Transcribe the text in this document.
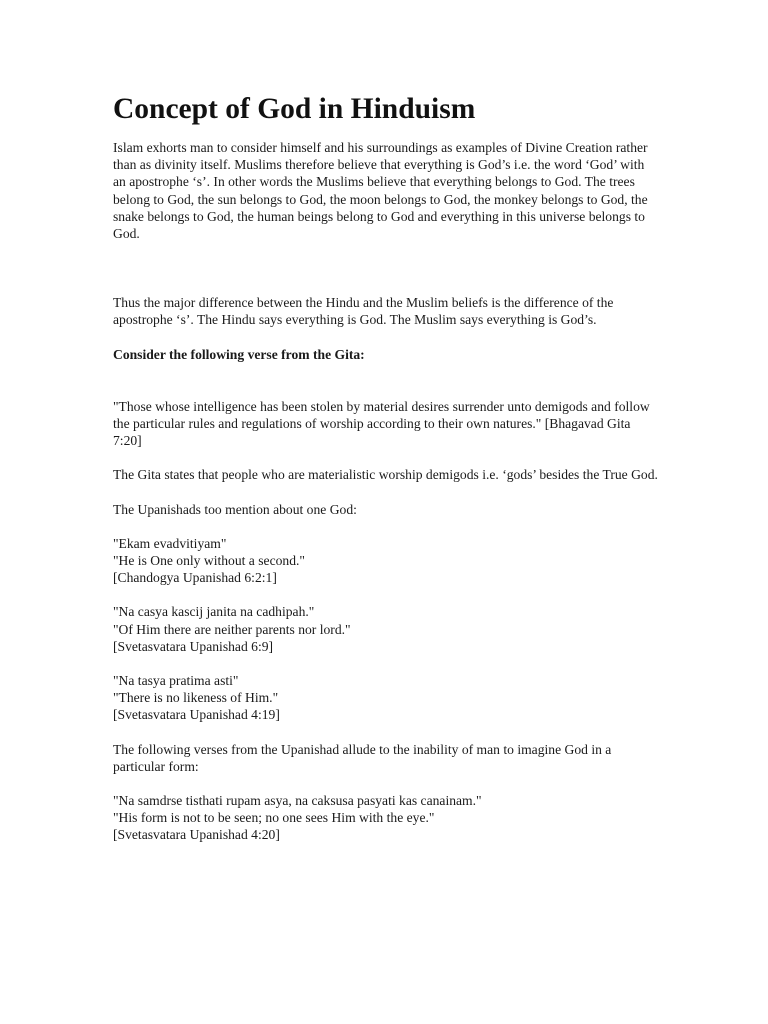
Concept of God in Hinduism

Islam exhorts man to consider himself and his surroundings as examples of Divine Creation rather than as divinity itself. Muslims therefore believe that everything is God’s i.e. the word ‘God’ with an apostrophe ‘s’. In other words the Muslims believe that everything belongs to God. The trees belong to God, the sun belongs to God, the moon belongs to God, the monkey belongs to God, the snake belongs to God, the human beings belong to God and everything in this universe belongs to God.

Thus the major difference between the Hindu and the Muslim beliefs is the difference of the apostrophe ‘s’. The Hindu says everything is God. The Muslim says everything is God’s.

Consider the following verse from the Gita:

"Those whose intelligence has been stolen by material desires surrender unto demigods and follow the particular rules and regulations of worship according to their own natures." [Bhagavad Gita 7:20]

The Gita states that people who are materialistic worship demigods i.e. ‘gods’ besides the True God.

The Upanishads too mention about one God:

"Ekam evadvitiyam"
"He is One only without a second."
[Chandogya Upanishad 6:2:1]
"Na casya kascij janita na cadhipah."
"Of Him there are neither parents nor lord."
[Svetasvatara Upanishad 6:9]
"Na tasya pratima asti"
"There is no likeness of Him."
[Svetasvatara Upanishad 4:19]

The following verses from the Upanishad allude to the inability of man to imagine God in a particular form:

"Na samdrse tisthati rupam asya, na caksusa pasyati kas canainam."
"His form is not to be seen; no one sees Him with the eye."
[Svetasvatara Upanishad 4:20]
